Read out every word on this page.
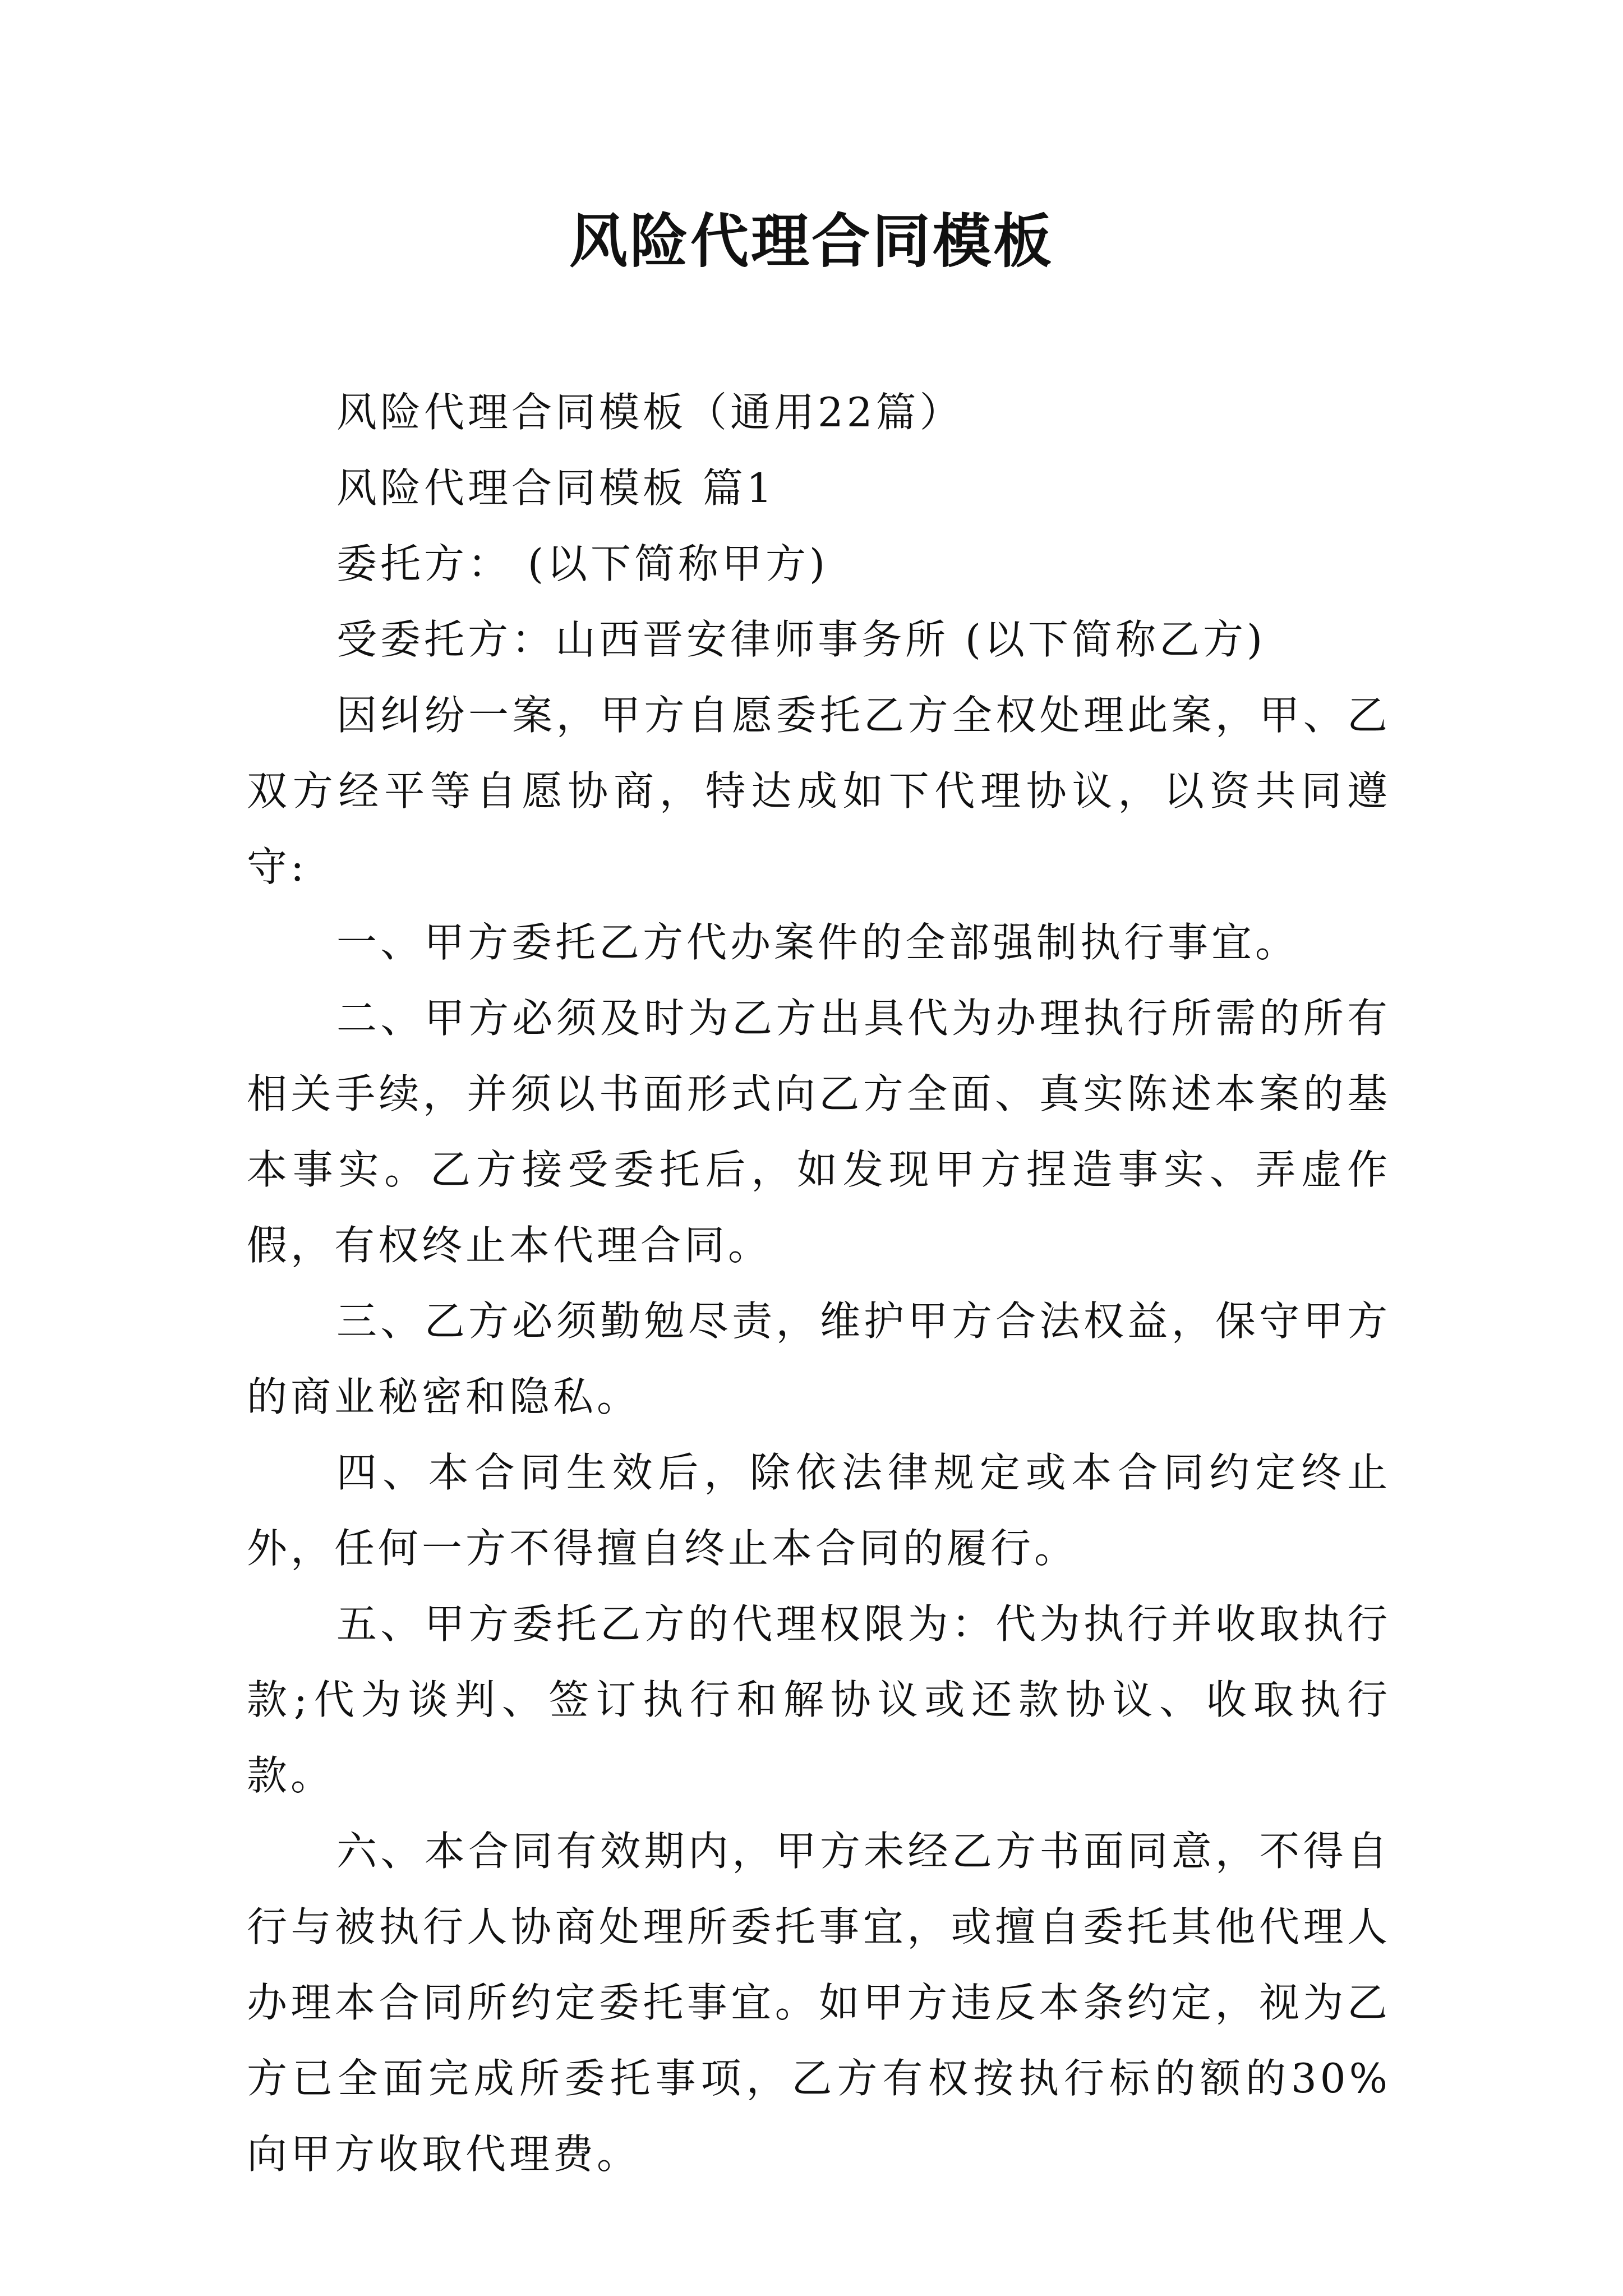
风险代理合同模板

风险代理合同模板（通用22篇）

风险代理合同模板 篇1

委托方： (以下简称甲方)

受委托方：山西晋安律师事务所 (以下简称乙方)

因纠纷一案，甲方自愿委托乙方全权处理此案，甲、乙双方经平等自愿协商，特达成如下代理协议，以资共同遵守:

一、甲方委托乙方代办案件的全部强制执行事宜。

二、甲方必须及时为乙方出具代为办理执行所需的所有相关手续，并须以书面形式向乙方全面、真实陈述本案的基本事实。乙方接受委托后，如发现甲方捏造事实、弄虚作假，有权终止本代理合同。

三、乙方必须勤勉尽责，维护甲方合法权益，保守甲方的商业秘密和隐私。

四、本合同生效后，除依法律规定或本合同约定终止外，任何一方不得擅自终止本合同的履行。

五、甲方委托乙方的代理权限为：代为执行并收取执行款;代为谈判、签订执行和解协议或还款协议、收取执行款。

六、本合同有效期内，甲方未经乙方书面同意，不得自行与被执行人协商处理所委托事宜，或擅自委托其他代理人办理本合同所约定委托事宜。如甲方违反本条约定，视为乙方已全面完成所委托事项，乙方有权按执行标的额的30%向甲方收取代理费。
